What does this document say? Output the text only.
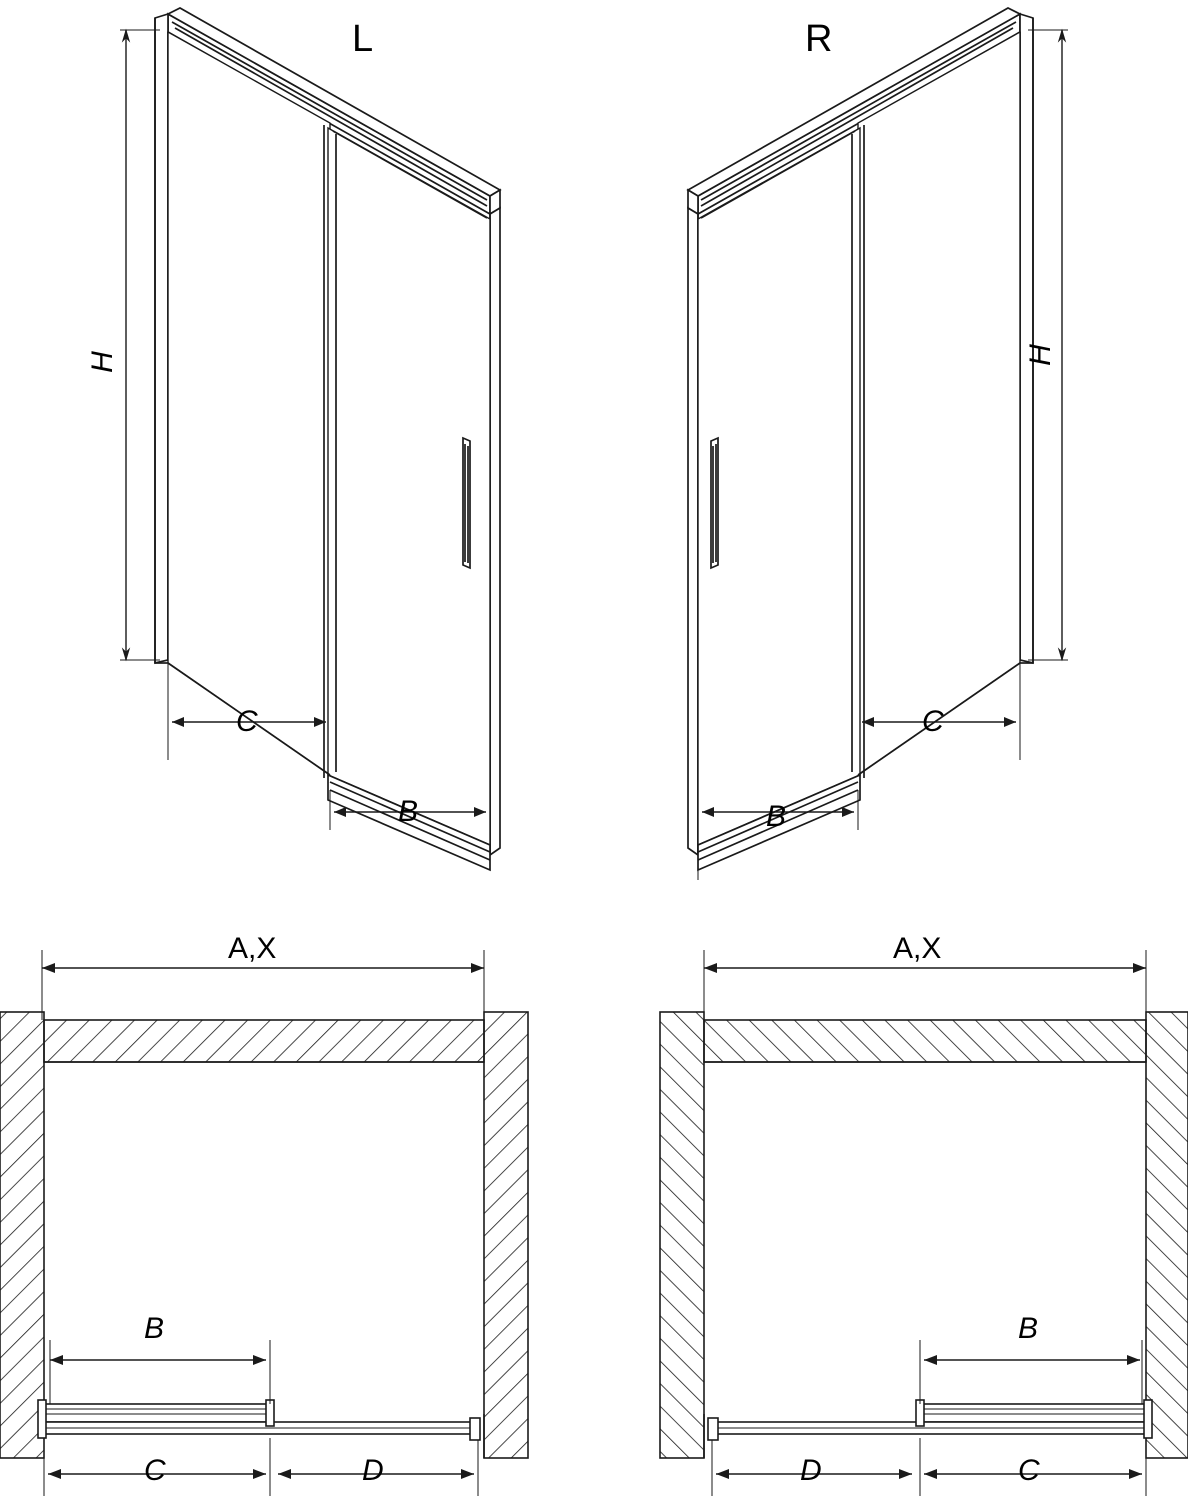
L
H
C
B
R
H
C
B
A,X
B
C	D
A,X
B
C
D
